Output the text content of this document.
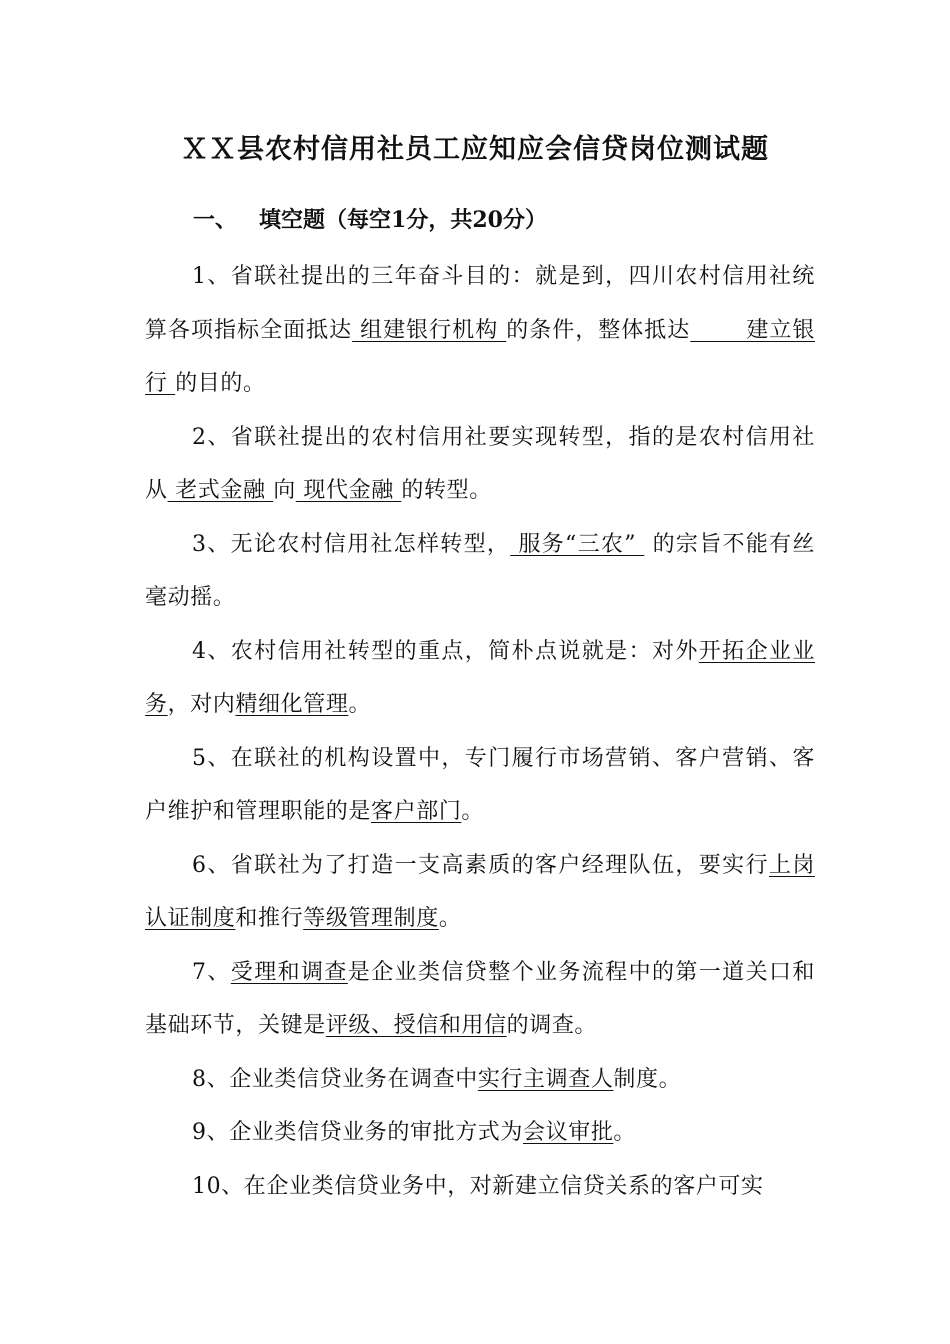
ＸＸ县农村信用社员工应知应会信贷岗位测试题
一、 填空题（每空1分，共20分）

1、省联社提出的三年奋斗目的：就是到，四川农村信用社统算各项指标全面抵达 组建银行机构 的条件，整体抵达       建立银行 的目的。

2、省联社提出的农村信用社要实现转型，指的是农村信用社从 老式金融 向 现代金融 的转型。

3、无论农村信用社怎样转型， 服务“三农”  的宗旨不能有丝毫动摇。

4、农村信用社转型的重点，简朴点说就是：对外开拓企业业务，对内精细化管理。

5、在联社的机构设置中，专门履行市场营销、客户营销、客户维护和管理职能的是客户部门。

6、省联社为了打造一支高素质的客户经理队伍，要实行上岗认证制度和推行等级管理制度。

7、受理和调查是企业类信贷整个业务流程中的第一道关口和基础环节，关键是评级、授信和用信的调查。

8、企业类信贷业务在调查中实行主调查人制度。

9、企业类信贷业务的审批方式为会议审批。

10、在企业类信贷业务中，对新建立信贷关系的客户可实
